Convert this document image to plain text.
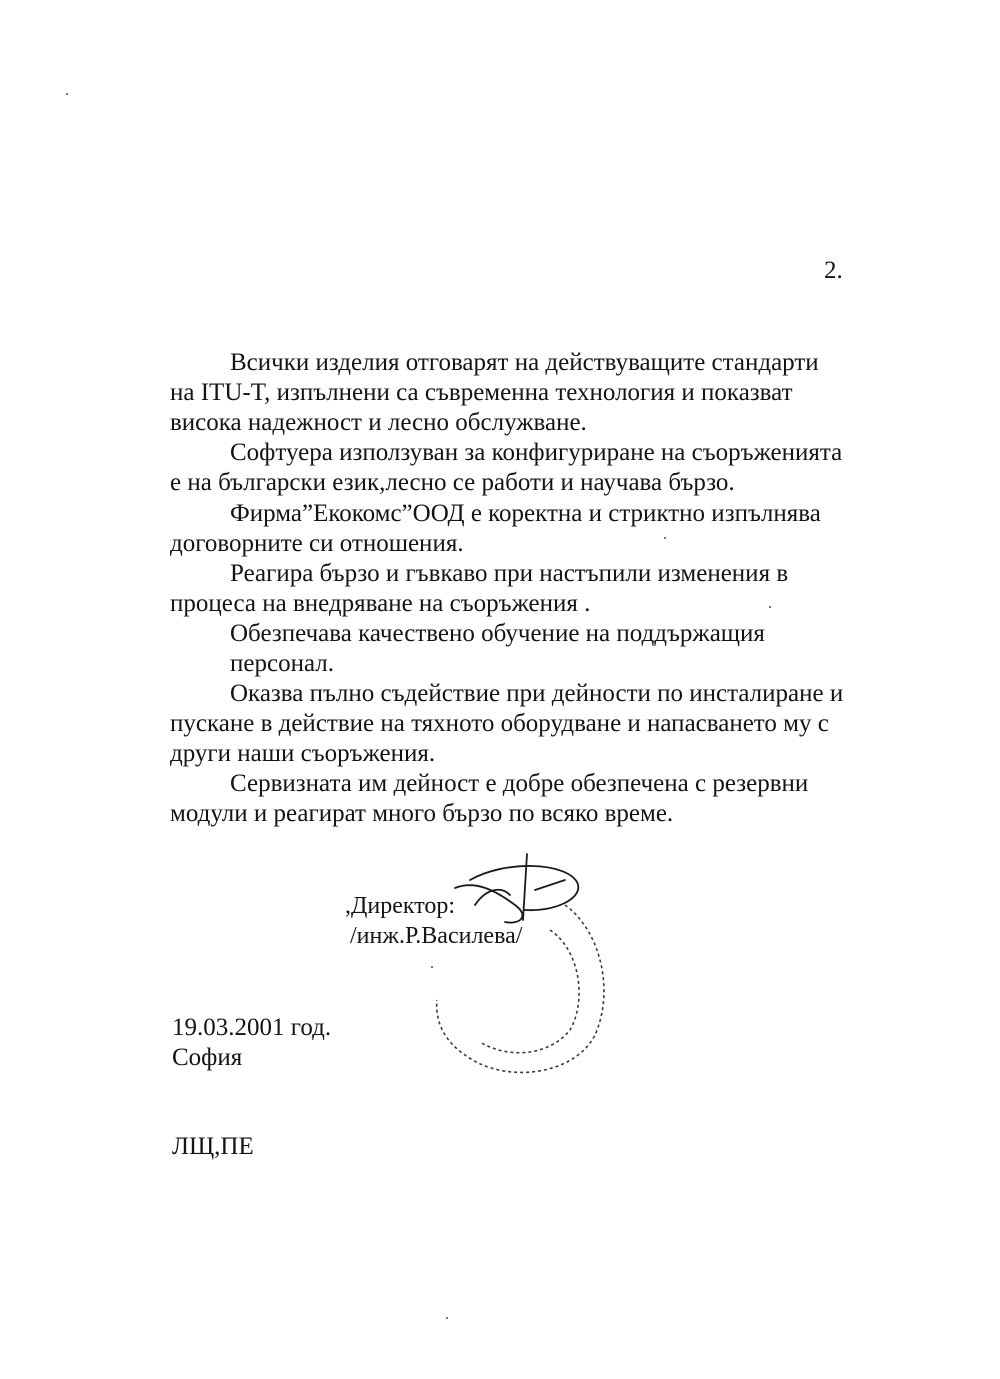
2.
Всички изделия отговарят на действуващите стандарти
на ITU-T, изпълнени са съвременна технология и показват
висока надежност и лесно обслужване.
Софтуера използуван за конфигуриране на съоръженията
е на български език,лесно се работи и научава бързо.
Фирма”Екокомс”ООД е коректна и стриктно изпълнява
договорните си отношения.
Реагира бързо и гъвкаво при настъпили изменения в
процеса на внедряване на съоръжения .
Обезпечава качествено обучение на поддържащия
персонал.
Оказва пълно съдействие при дейности по инсталиране и
пускане в действие на тяхното оборудване и напасването му с
други наши съоръжения.
Сервизната им дейност е добре обезпечена с резервни
модули и реагират много бързо по всяко време.
,Директор:
/инж.Р.Василева/
19.03.2001 год.
София
ЛЩ,ПЕ
